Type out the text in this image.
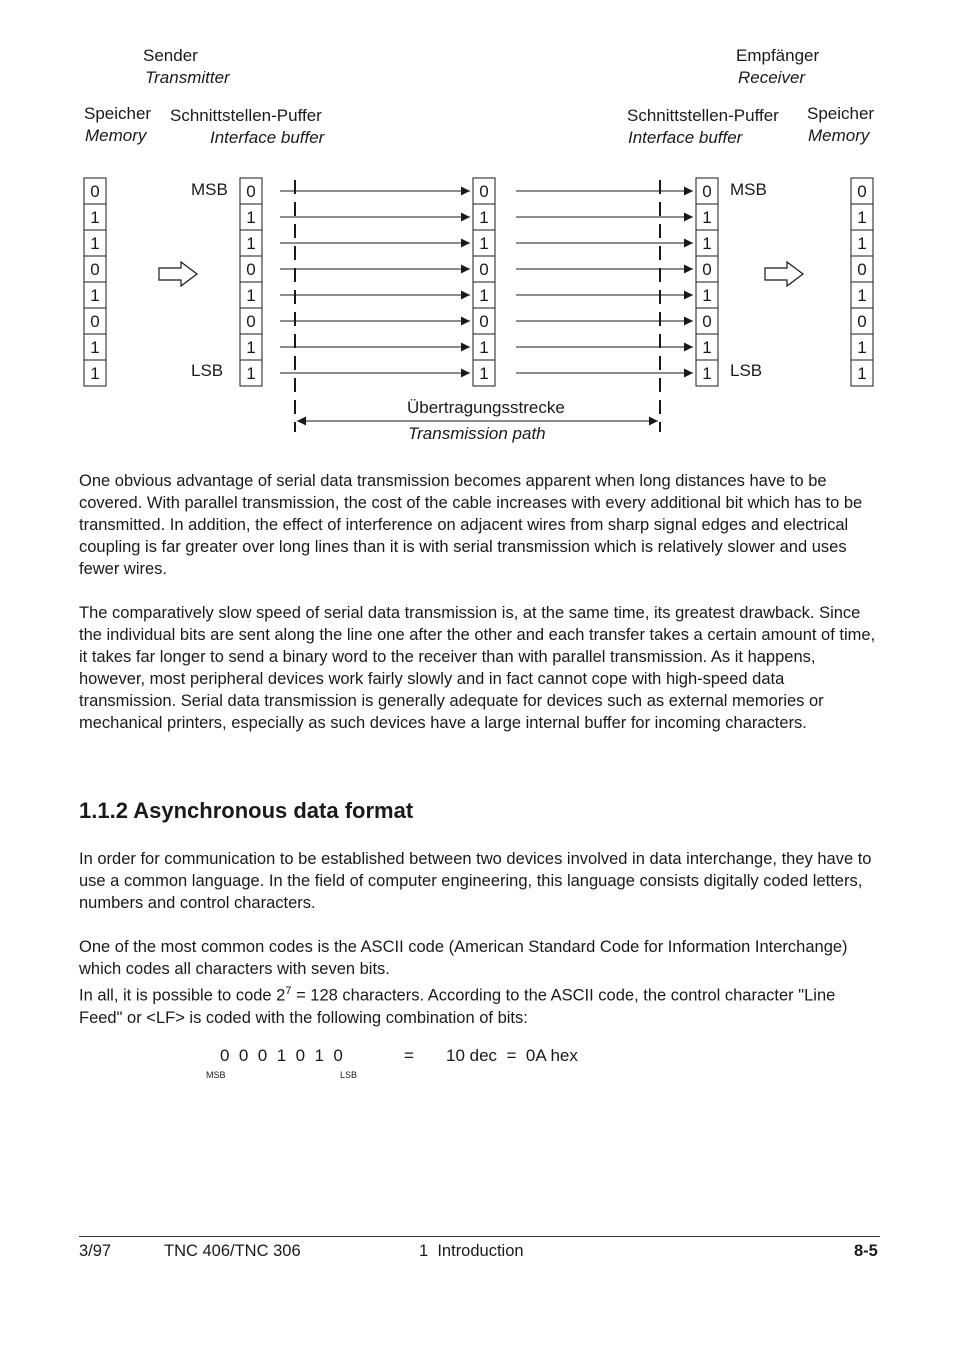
0
1
1
0
1
0
1
1
0
1
1
0
1
0
1
1
0
1
1
0
1
0
1
1
0
1
1
0
1
0
1
1
0
1
1
0
1
0
1
1
Sender
Transmitter
Empfänger
Receiver
Speicher
Memory
Schnittstellen-Puffer
Interface buffer
Schnittstellen-Puffer
Interface buffer
Speicher
Memory
MSB
LSB
MSB
LSB
Übertragungsstrecke
Transmission path

One obvious advantage of serial data transmission becomes apparent when long distances have to be covered. With parallel transmission, the cost of the cable increases with every additional bit which has to be transmitted. In addition, the effect of interference on adjacent wires from sharp signal edges and electrical coupling is far greater over long lines than it is with serial transmission which is relatively slower and uses fewer wires.

The comparatively slow speed of serial data transmission is, at the same time, its greatest drawback. Since the individual bits are sent along the line one after the other and each transfer takes a certain amount of time, it takes far longer to send a binary word to the receiver than with parallel transmission. As it happens, however, most peripheral devices work fairly slowly and in fact cannot cope with high-speed data transmission. Serial data transmission is generally adequate for devices such as external memories or mechanical printers, especially as such devices have a large internal buffer for incoming characters.

1.1.2 Asynchronous data format

In order for communication to be established between two devices involved in data interchange, they have to use a common language. In the field of computer engineering, this language consists digitally coded letters, numbers and control characters.

One of the most common codes is the ASCII code (American Standard Code for Information Interchange) which codes all characters with seven bits.
In all, it is possible to code $2^7 = 128$ characters. According to the ASCII code, the control character "Line Feed" or <LF> is coded with the following combination of bits:

0  0  0  1  0  1  0	= 10 dec  =  0A hex
MSB	LSB
3/97	TNC 406/TNC 306	1  Introduction	8-5
